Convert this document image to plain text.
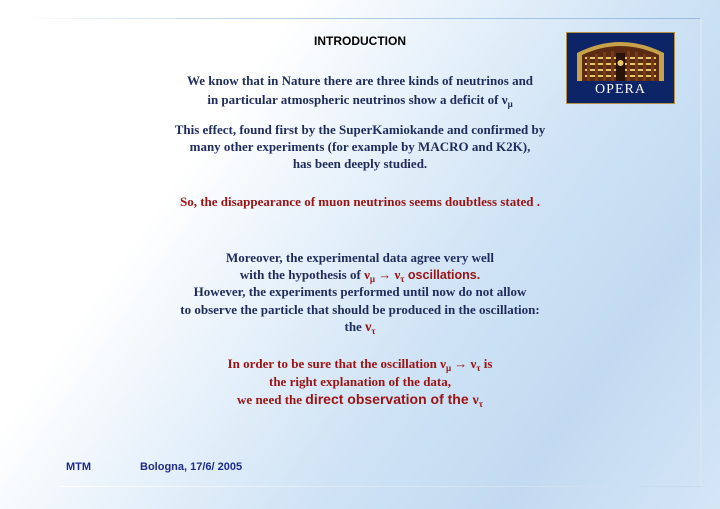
INTRODUCTION
OPERA
We know that in Nature there are three kinds of neutrinos and
in particular atmospheric neutrinos show a deficit of $\nu_\mu$
This effect, found first by the SuperKamiokande and confirmed by
many other experiments (for example by MACRO and K2K),
has been deeply studied.
So, the disappearance of muon neutrinos seems doubtless stated .
Moreover, the experimental data agree very well
with the hypothesis of $\nu_\mu \to \nu_\tau$ oscillations.
However, the experiments performed until now do not allow
to observe the particle that should be produced in the oscillation:
the $\nu_\tau$
In order to be sure that the oscillation $\nu_\mu \to \nu_\tau$ is
the right explanation of the data,
we need the direct observation of the $\nu_\tau$
MTM	Bologna, 17/6/ 2005
